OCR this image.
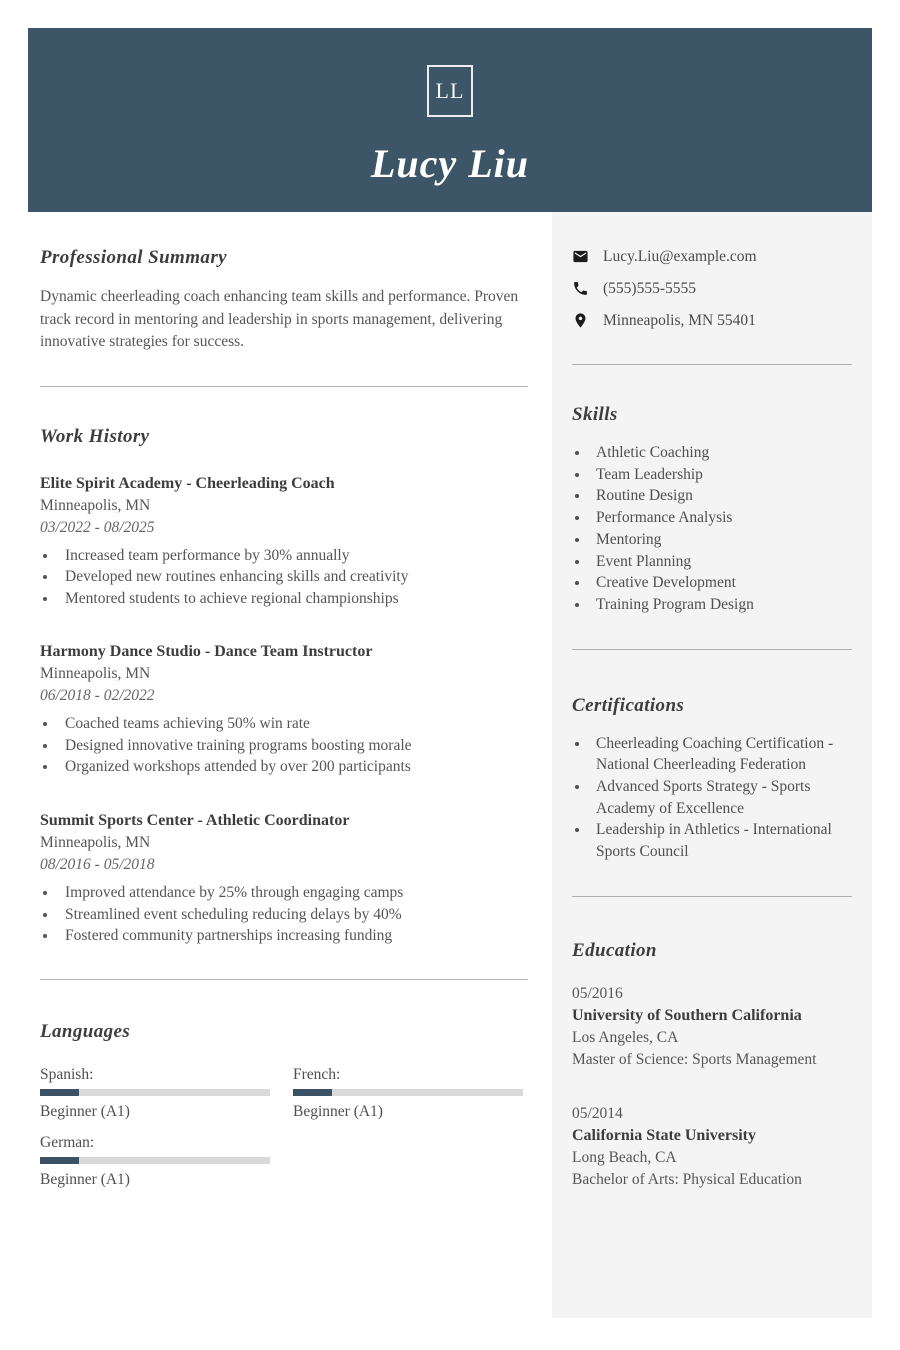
LL
Lucy Liu
Professional Summary

Dynamic cheerleading coach enhancing team skills and performance. Proven track record in mentoring and leadership in sports management, delivering innovative strategies for success.

Work History
Elite Spirit Academy - Cheerleading Coach
Minneapolis, MN
03/2022 - 08/2025
• Increased team performance by 30% annually
• Developed new routines enhancing skills and creativity
• Mentored students to achieve regional championships
Harmony Dance Studio - Dance Team Instructor
Minneapolis, MN
06/2018 - 02/2022
• Coached teams achieving 50% win rate
• Designed innovative training programs boosting morale
• Organized workshops attended by over 200 participants
Summit Sports Center - Athletic Coordinator
Minneapolis, MN
08/2016 - 05/2018
• Improved attendance by 25% through engaging camps
• Streamlined event scheduling reducing delays by 40%
• Fostered community partnerships increasing funding
Languages
Spanish:
Beginner (A1)
French:
Beginner (A1)
German:
Beginner (A1)
Lucy.Liu@example.com
(555)555-5555
Minneapolis, MN 55401
Skills
• Athletic Coaching
• Team Leadership
• Routine Design
• Performance Analysis
• Mentoring
• Event Planning
• Creative Development
• Training Program Design
Certifications
• Cheerleading Coaching Certification - National Cheerleading Federation
• Advanced Sports Strategy - Sports Academy of Excellence
• Leadership in Athletics - International Sports Council
Education
05/2016
University of Southern California
Los Angeles, CA
Master of Science: Sports Management
05/2014
California State University
Long Beach, CA
Bachelor of Arts: Physical Education
